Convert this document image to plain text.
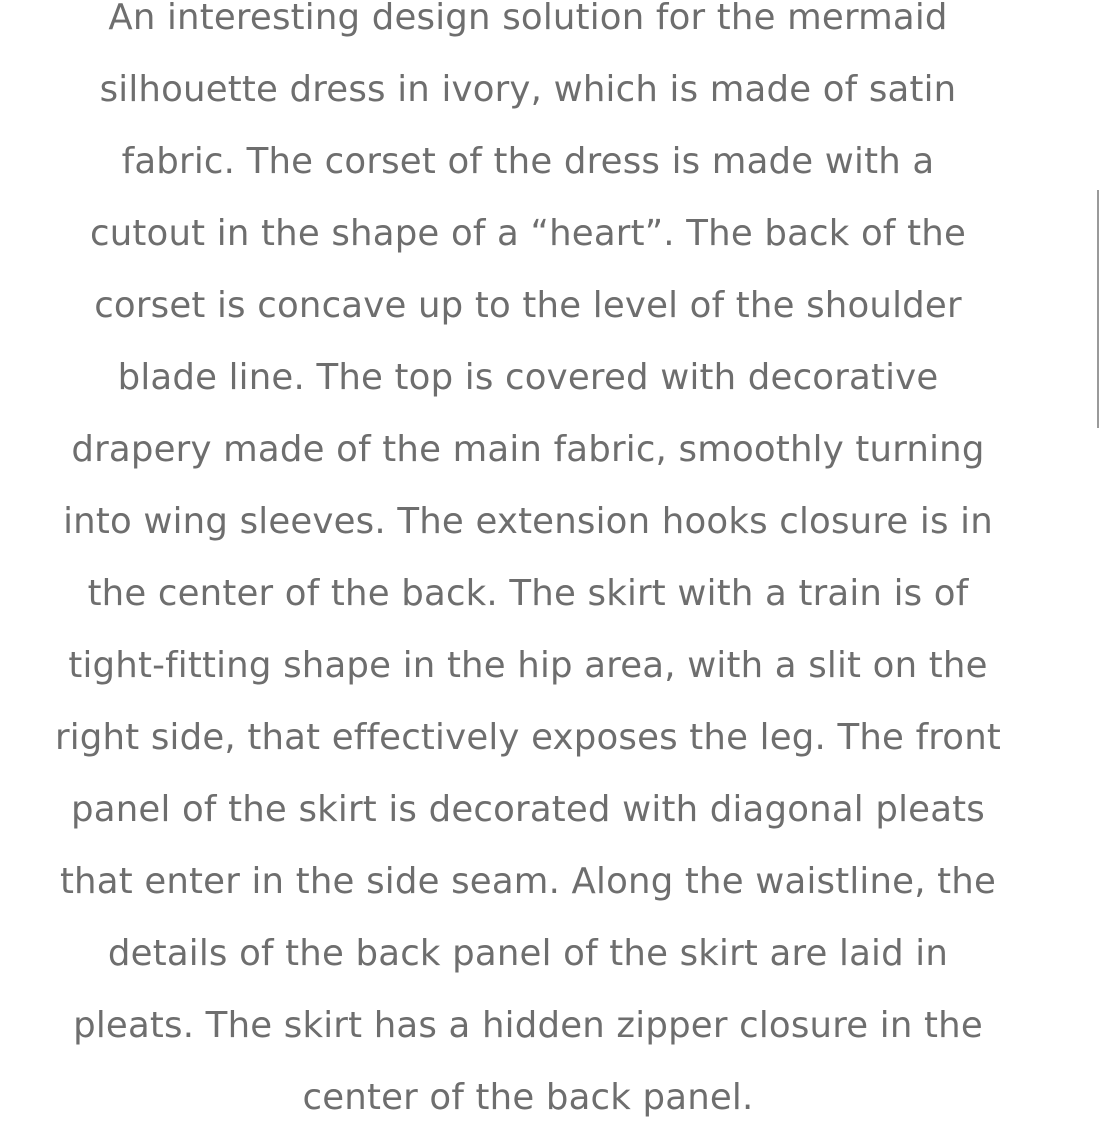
An interesting design solution for the mermaid
silhouette dress in ivory, which is made of satin
fabric. The corset of the dress is made with a
cutout in the shape of a “heart”. The back of the
corset is concave up to the level of the shoulder
blade line. The top is covered with decorative
drapery made of the main fabric, smoothly turning
into wing sleeves. The extension hooks closure is in
the center of the back. The skirt with a train is of
tight-fitting shape in the hip area, with a slit on the
right side, that effectively exposes the leg. The front
panel of the skirt is decorated with diagonal pleats
that enter in the side seam. Along the waistline, the
details of the back panel of the skirt are laid in
pleats. The skirt has a hidden zipper closure in the
center of the back panel.
